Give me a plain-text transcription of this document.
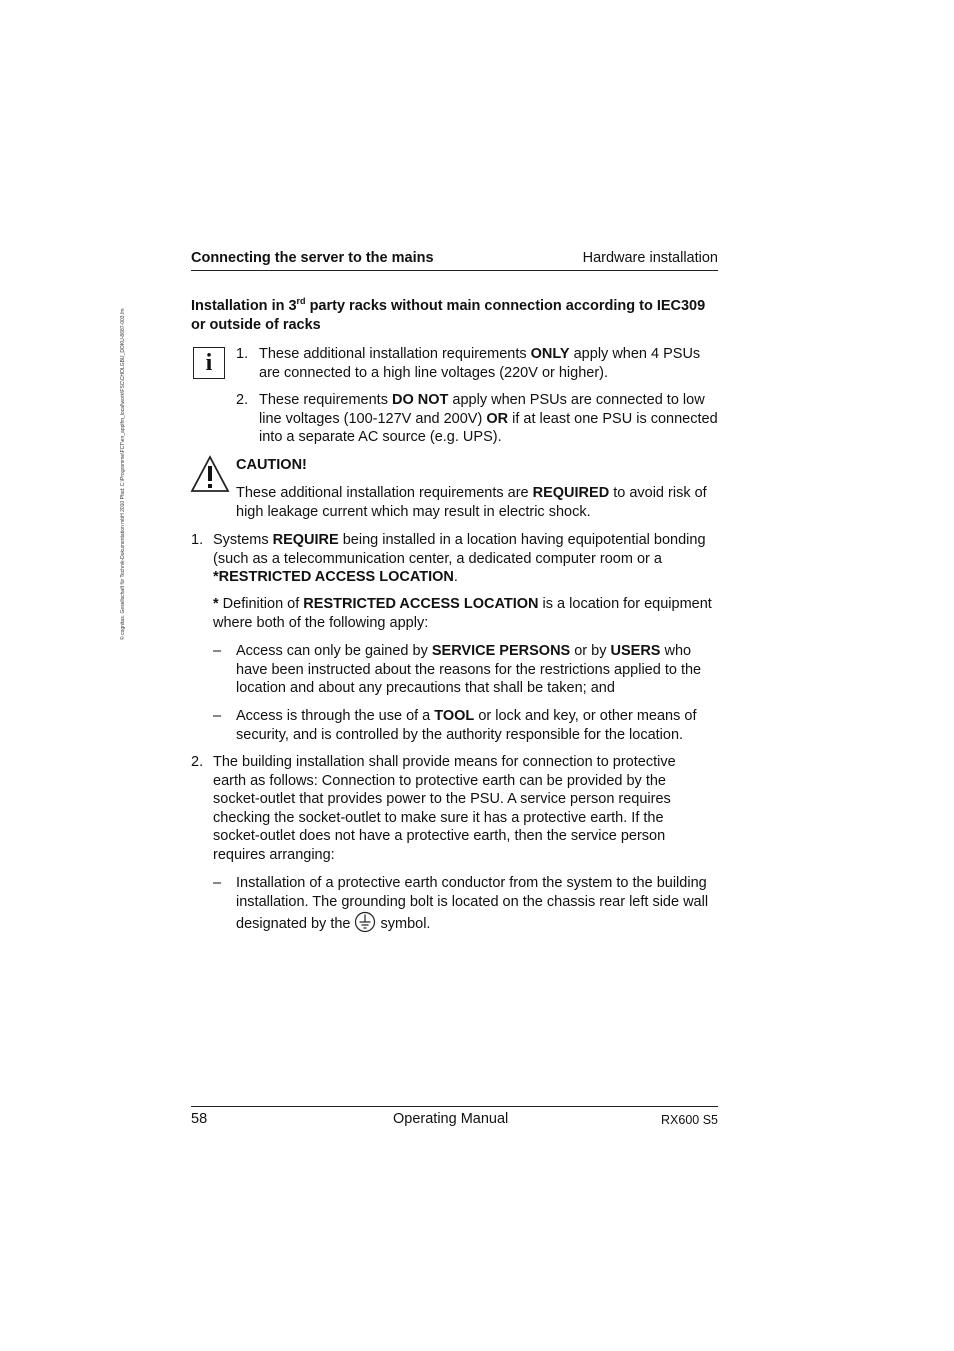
© cognitas. Gesellschaft für Technik-Dokumentation mbH 2010 Pfad: C:\Programme\FCT\en_applfm_local\work\FSC\CHOLGBU_DOKU-8687-003.fm
Connecting the server to the mains	Hardware installation
Installation in 3rd party racks without main connection according to IEC309 or outside of racks
i 1. These additional installation requirements ONLY apply when 4 PSUs are connected to a high line voltages (220V or higher).
2. These requirements DO NOT apply when PSUs are connected to low line voltages (100-127V and 200V) OR if at least one PSU is connected into a separate AC source (e.g. UPS).
CAUTION!
These additional installation requirements are REQUIRED to avoid risk of high leakage current which may result in electric shock.
1. Systems REQUIRE being installed in a location having equipotential bonding (such as a telecommunication center, a dedicated computer room or a *RESTRICTED ACCESS LOCATION.
* Definition of RESTRICTED ACCESS LOCATION is a location for equipment where both of the following apply:
– Access can only be gained by SERVICE PERSONS or by USERS who have been instructed about the reasons for the restrictions applied to the location and about any precautions that shall be taken; and
– Access is through the use of a TOOL or lock and key, or other means of security, and is controlled by the authority responsible for the location.
2. The building installation shall provide means for connection to protective earth as follows: Connection to protective earth can be provided by the socket-outlet that provides power to the PSU. A service person requires checking the socket-outlet to make sure it has a protective earth. If the socket-outlet does not have a protective earth, then the service person requires arranging:
– Installation of a protective earth conductor from the system to the building installation. The grounding bolt is located on the chassis rear left side wall designated by the symbol.
58	Operating Manual	RX600 S5
